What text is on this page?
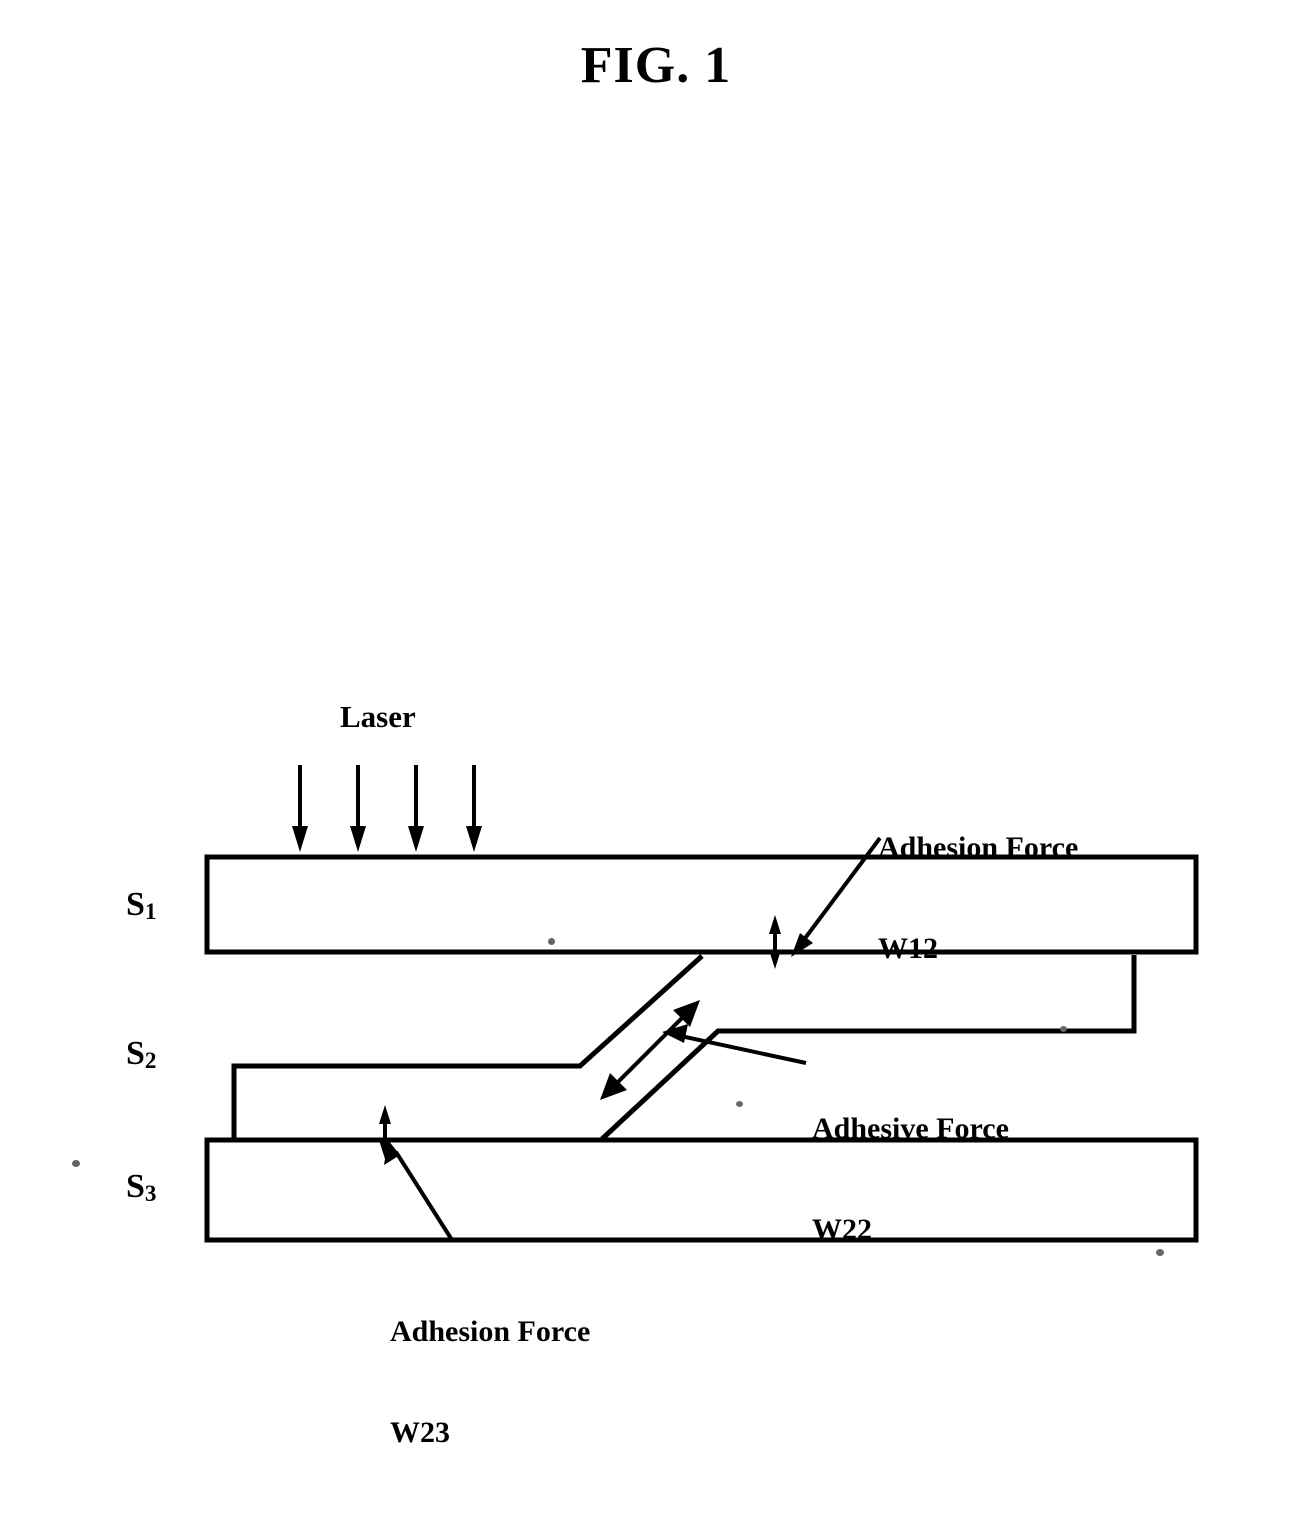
FIG. 1
Laser
$S_1$
$S_2$
$S_3$

Adhesion Force

W12

Adhesive Force

W22

Adhesion Force

W23
